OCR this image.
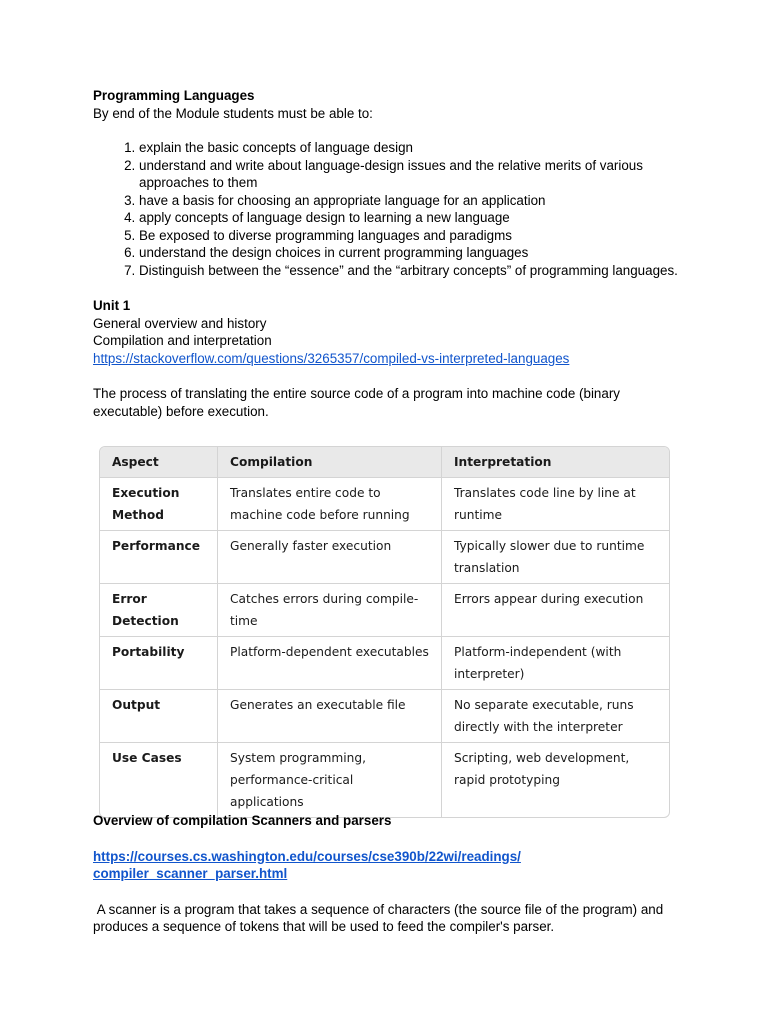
Programming Languages

By end of the Module students must be able to:

1. explain the basic concepts of language design
2. understand and write about language-design issues and the relative merits of various approaches to them
3. have a basis for choosing an appropriate language for an application
4. apply concepts of language design to learning a new language
5. Be exposed to diverse programming languages and paradigms
6. understand the design choices in current programming languages
7. Distinguish between the “essence” and the “arbitrary concepts” of programming languages.

Unit 1

General overview and history

Compilation and interpretation

https://stackoverflow.com/questions/3265357/compiled-vs-interpreted-languages

The process of translating the entire source code of a program into machine code (binary executable) before execution.

Aspect	Compilation	Interpretation
Execution Method	Translates entire code to machine code before running	Translates code line by line at runtime
Performance	Generally faster execution	Typically slower due to runtime translation
Error Detection	Catches errors during compile-time	Errors appear during execution
Portability	Platform-dependent executables	Platform-independent (with interpreter)
Output	Generates an executable file	No separate executable, runs directly with the interpreter
Use Cases	System programming, performance-critical applications	Scripting, web development, rapid prototyping

Overview of compilation Scanners and parsers

https://courses.cs.washington.edu/courses/cse390b/22wi/readings/
compiler_scanner_parser.html

A scanner is a program that takes a sequence of characters (the source file of the program) and produces a sequence of tokens that will be used to feed the compiler's parser.
